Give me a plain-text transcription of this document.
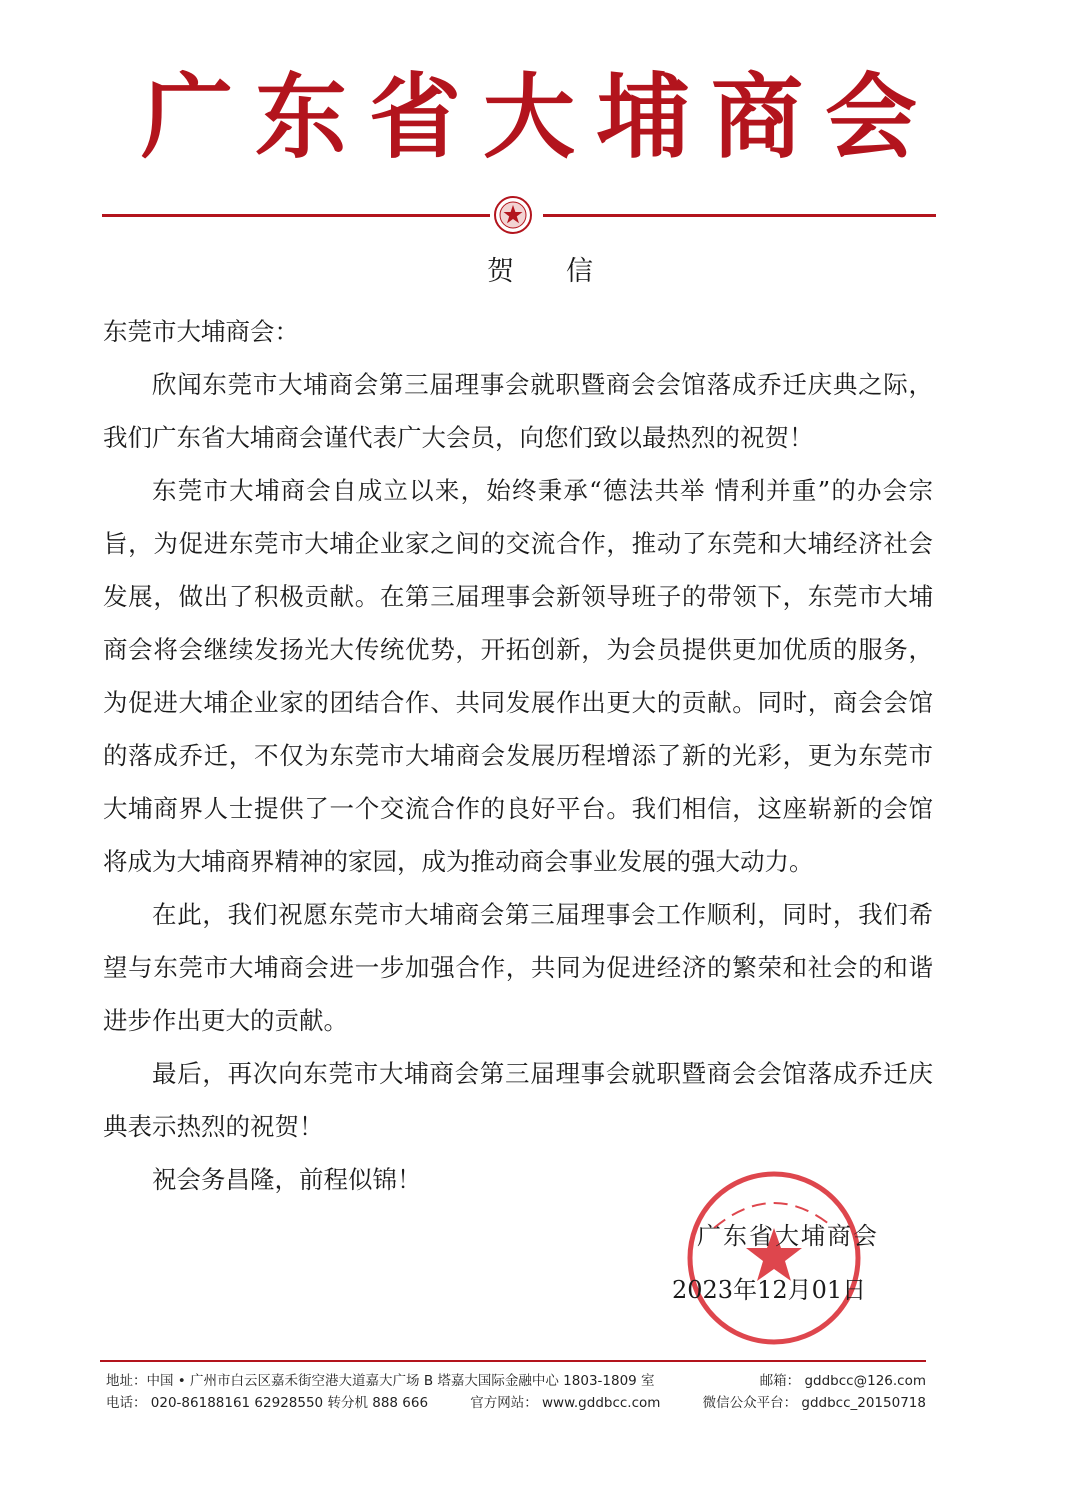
广东省大埔商会
贺信

东莞市大埔商会：

欣闻东莞市大埔商会第三届理事会就职暨商会会馆落成乔迁庆典之际，我们广东省大埔商会谨代表广大会员，向您们致以最热烈的祝贺！

东莞市大埔商会自成立以来，始终秉承“德法共举 情利并重”的办会宗旨，为促进东莞市大埔企业家之间的交流合作，推动了东莞和大埔经济社会发展，做出了积极贡献。在第三届理事会新领导班子的带领下，东莞市大埔商会将会继续发扬光大传统优势，开拓创新，为会员提供更加优质的服务，为促进大埔企业家的团结合作、共同发展作出更大的贡献。同时，商会会馆的落成乔迁，不仅为东莞市大埔商会发展历程增添了新的光彩，更为东莞市大埔商界人士提供了一个交流合作的良好平台。我们相信，这座崭新的会馆将成为大埔商界精神的家园，成为推动商会事业发展的强大动力。

在此，我们祝愿东莞市大埔商会第三届理事会工作顺利，同时，我们希望与东莞市大埔商会进一步加强合作，共同为促进经济的繁荣和社会的和谐进步作出更大的贡献。

最后，再次向东莞市大埔商会第三届理事会就职暨商会会馆落成乔迁庆典表示热烈的祝贺！

祝会务昌隆，前程似锦！

广东省大埔商会
2023年12月01日
地址：中国 • 广州市白云区嘉禾街空港大道嘉大广场 B 塔嘉大国际金融中心 1803-1809 室	邮箱： gddbcc@126.com
电话： 020-86188161 62928550 转分机 888 666	官方网站： www.gddbcc.com	微信公众平台： gddbcc_20150718
